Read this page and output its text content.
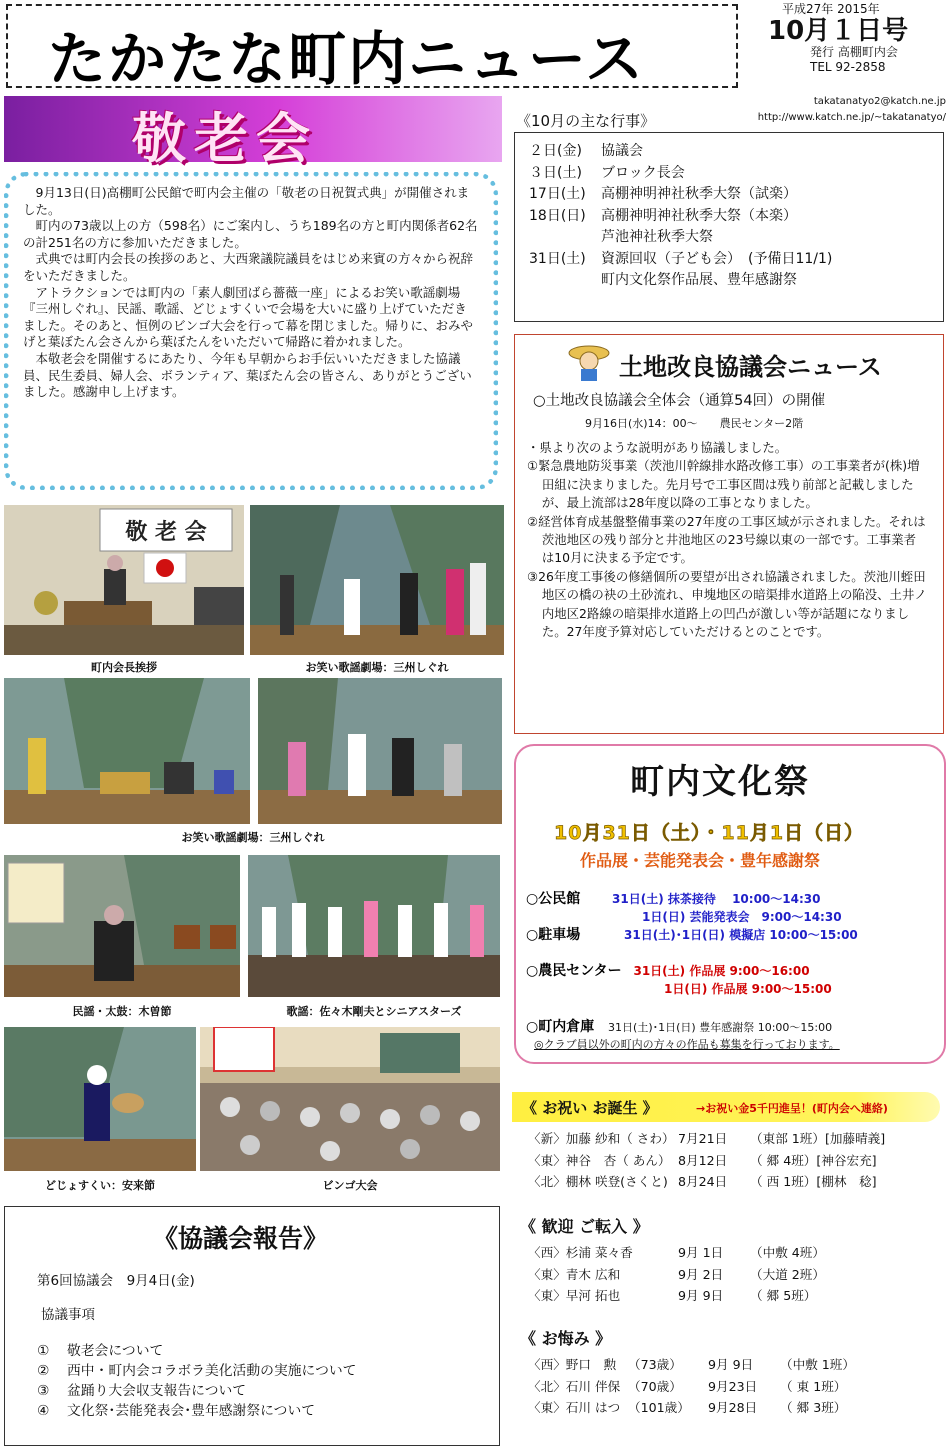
たかたな町内ニュース
平成27年 2015年
10月１日号
発行 高棚町内会
TEL 92-2858
takatanatyo2@katch.ne.jp
http://www.katch.ne.jp/~takatanatyo/
敬老会

9月13日(日)高棚町公民館で町内会主催の「敬老の日祝賀式典」が開催されました。

町内の73歳以上の方（598名）にご案内し、うち189名の方と町内関係者62名の計251名の方に参加いただきました。

式典では町内会長の挨拶のあと、大西衆議院議員をはじめ来賓の方々から祝辞をいただきました。

アトラクションでは町内の「素人劇団ばら薔薇一座」によるお笑い歌謡劇場『三州しぐれ』、民謡、歌謡、どじょすくいで会場を大いに盛り上げていただきました。そのあと、恒例のビンゴ大会を行って幕を閉じました。帰りに、おみやげと葉ぼたん会さんから葉ぼたんをいただいて帰路に着かれました。

本敬老会を開催するにあたり、今年も早朝からお手伝いいただきました協議員、民生委員、婦人会、ボランティア、葉ぼたん会の皆さん、ありがとうございました。感謝申し上げます。

敬 老 会
町内会長挨拶	お笑い歌謡劇場：三州しぐれ
お笑い歌謡劇場：三州しぐれ
民謡・太鼓：木曽節	歌謡：佐々木剛夫とシニアスターズ
どじょすくい：安来節	ビンゴ大会
《10月の主な行事》
２日(金)	協議会
３日(土)	ブロック長会
17日(土)	高棚神明神社秋季大祭（試楽）
18日(日)	高棚神明神社秋季大祭（本楽）
芦池神社秋季大祭
31日(土)	資源回収（子ども会）　(予備日11/1)
町内文化祭作品展、豊年感謝祭
土地改良協議会ニュース
○土地改良協議会全体会（通算54回）の開催
9月16日(水)14：00～　　農民センター2階
・県より次のような説明があり協議しました。
①緊急農地防災事業（茨池川幹線排水路改修工事）の工事業者が(株)増田組に決まりました。先月号で工事区間は残り前部と記載しましたが、最上流部は28年度以降の工事となりました。
②経営体育成基盤整備事業の27年度の工事区域が示されました。それは茨池地区の残り部分と井池地区の23号線以東の一部です。工事業者は10月に決まる予定です。
③26年度工事後の修繕個所の要望が出され協議されました。茨池川蛭田地区の橋の袂の土砂流れ、申塊地区の暗渠排水道路上の陥没、土井ノ内地区2路線の暗渠排水道路上の凹凸が激しい等が話題になりました。27年度予算対応していただけるとのことです。
町内文化祭
10月31日（土）・11月1日（日）
作品展・芸能発表会・豊年感謝祭
○公民館	31日(土) 抹茶接待　 10:00～14:30
1日(日) 芸能発表会　9:00～14:30
○駐車場	31日(土)･1日(日) 模擬店 10:00～15:00
○農民センター 31日(土) 作品展 9:00～16:00
1日(日) 作品展 9:00～15:00
○町内倉庫 31日(土)･1日(日) 豊年感謝祭 10:00～15:00
◎クラブ員以外の町内の方々の作品も募集を行っております。
《 お祝い お誕生 》	→お祝い金5千円進呈！(町内会へ連絡)
〈新〉加藤 紗和（ さわ） 7月21日	（東部 1班）[加藤晴義]
〈東〉神谷　杏（ あん） 8月12日	（ 郷 4班）[神谷宏充]
〈北〉棚林 咲登(さくと) 8月24日	（ 西 1班）[棚林　稔]
《 歓迎 ご転入 》
〈西〉杉浦 菜々香	9月 1日	（中敷 4班）
〈東〉青木 広和	9月 2日	（大道 2班）
〈東〉早河 拓也	9月 9日	（ 郷 5班）
《 お悔み 》
〈西〉野口　勲 （73歳）	9月 9日	（中敷 1班）
〈北〉石川 伴保 （70歳）	9月23日	（ 東 1班）
〈東〉石川 はつ （101歳）	9月28日	（ 郷 3班）
《協議会報告》
第6回協議会　9月4日(金)
協議事項
①	敬老会について
②	西中・町内会コラボラ美化活動の実施について
③	盆踊り大会収支報告について
④	文化祭･芸能発表会･豊年感謝祭について
